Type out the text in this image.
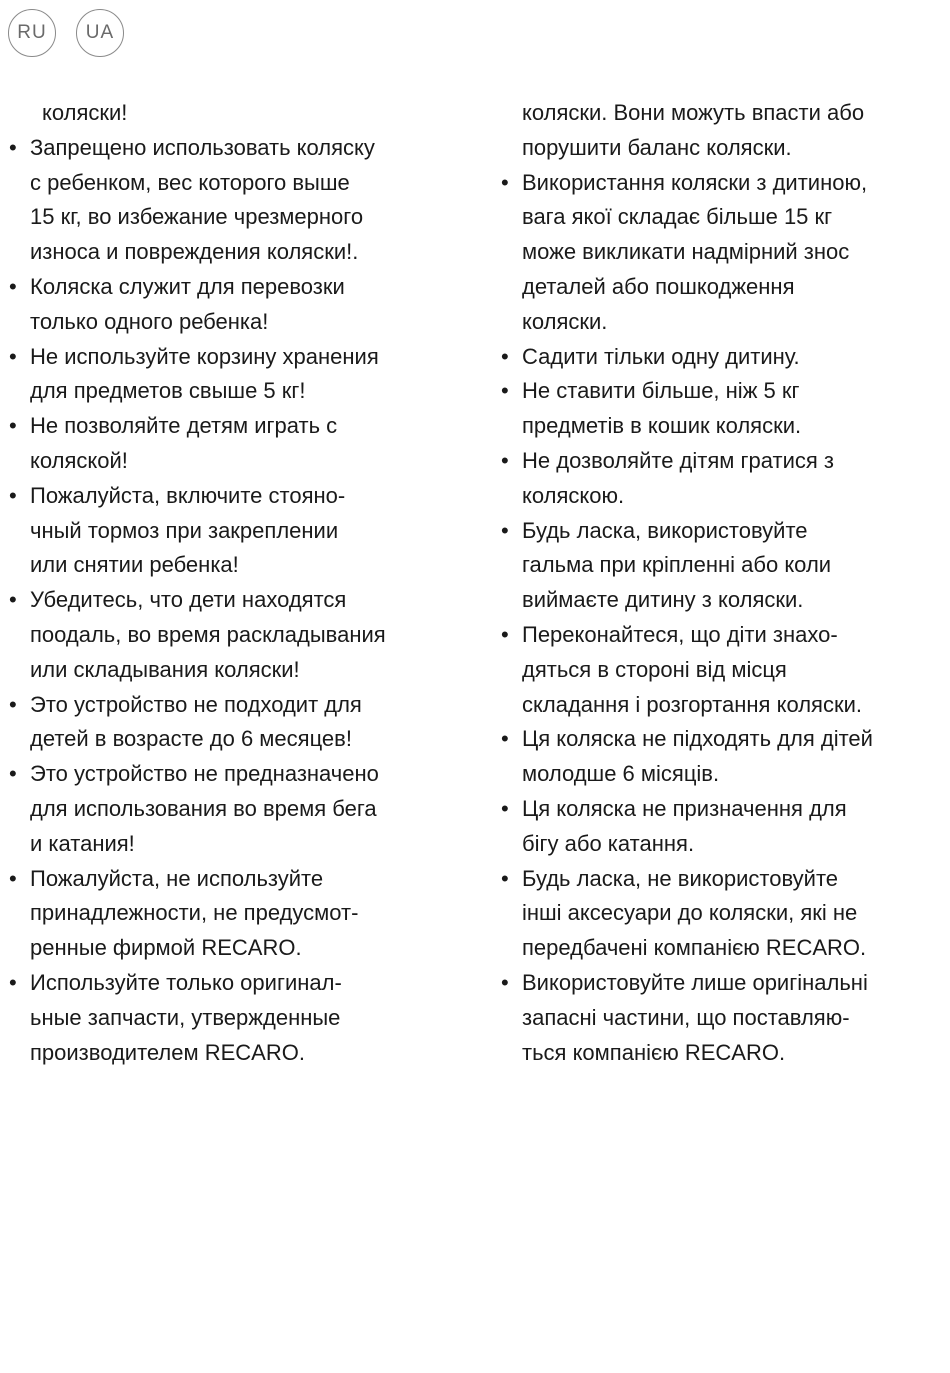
RU	UA
коляски!
• Запрещено использовать коляску
с ребенком, вес которого выше
15 кг, во избежание чрезмерного
износа и повреждения коляски!.
• Коляска служит для перевозки
только одного ребенка!
• Не используйте корзину хранения
для предметов свыше 5 кг!
• Не позволяйте детям играть с
коляской!
• Пожалуйста, включите стояно-
чный тормоз при закреплении
или снятии ребенка!
• Убедитесь, что дети находятся
поодаль, во время раскладывания
или складывания коляски!
• Это устройство не подходит для
детей в возрасте до 6 месяцев!
• Это устройство не предназначено
для использования во время бега
и катания!
• Пожалуйста, не используйте
принадлежности, не предусмот-
ренные фирмой RECARO.
• Используйте только оригинал-
ьные запчасти, утвержденные
производителем RECARO.
коляски. Вони можуть впасти або
порушити баланс коляски.
• Використання коляски з дитиною,
вага якої складає більше 15 кг
може викликати надмірний знос
деталей або пошкодження
коляски.
• Садити тільки одну дитину.
• Не ставити більше, ніж 5 кг
предметів в кошик коляски.
• Не дозволяйте дітям гратися з
коляскою.
• Будь ласка, використовуйте
гальма при кріпленні або коли
виймаєте дитину з коляски.
• Переконайтеся, що діти знахо-
дяться в стороні від місця
складання і розгортання коляски.
• Ця коляска не підходять для дітей
молодше 6 місяців.
• Ця коляска не призначення для
бігу або катання.
• Будь ласка, не використовуйте
інші аксесуари до коляски, які не
передбачені компанією RECARO.
• Використовуйте лише оригінальні
запасні частини, що поставляю-
ться компанією RECARO.
